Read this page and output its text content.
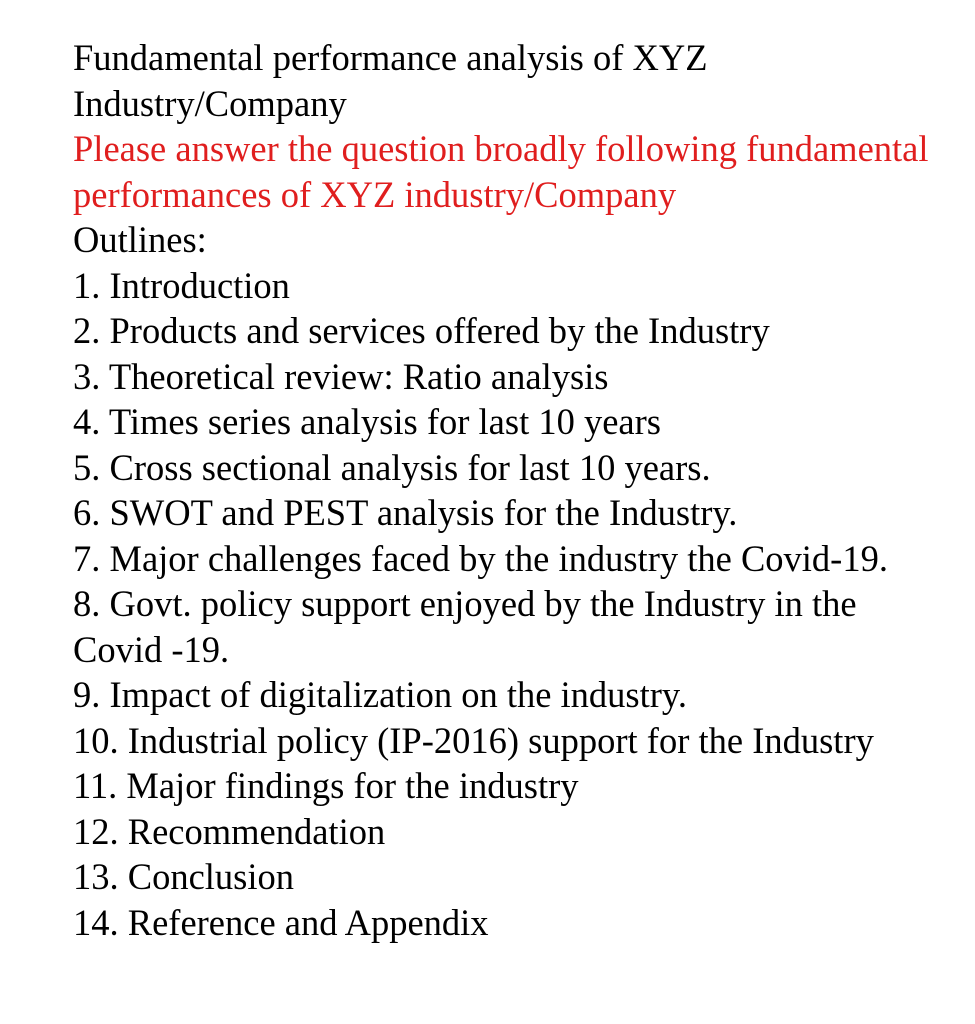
Fundamental performance analysis of XYZ Industry/Company

Please answer the question broadly following fundamental performances of XYZ industry/Company

Outlines:

1. Introduction
2. Products and services offered by the Industry
3. Theoretical review: Ratio analysis
4. Times series analysis for last 10 years
5. Cross sectional analysis for last 10 years.
6. SWOT and PEST analysis for the Industry.
7. Major challenges faced by the industry the Covid-19.
8. Govt. policy support enjoyed by the Industry in the Covid -19.
9. Impact of digitalization on the industry.
10. Industrial policy (IP-2016) support for the Industry
11. Major findings for the industry
12. Recommendation
13. Conclusion
14. Reference and Appendix
